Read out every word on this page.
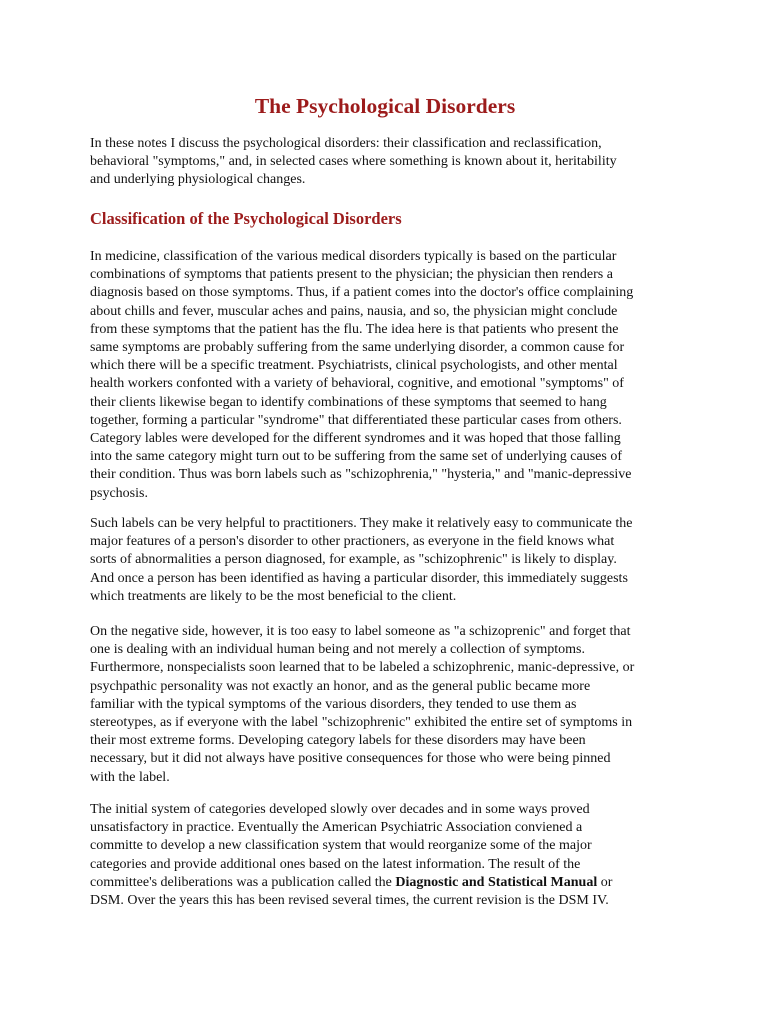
The Psychological Disorders

In these notes I discuss the psychological disorders: their classification and reclassification,
behavioral "symptoms," and, in selected cases where something is known about it, heritability
and underlying physiological changes.

Classification of the Psychological Disorders

In medicine, classification of the various medical disorders typically is based on the particular
combinations of symptoms that patients present to the physician; the physician then renders a
diagnosis based on those symptoms. Thus, if a patient comes into the doctor's office complaining
about chills and fever, muscular aches and pains, nausia, and so, the physician might conclude
from these symptoms that the patient has the flu. The idea here is that patients who present the
same symptoms are probably suffering from the same underlying disorder, a common cause for
which there will be a specific treatment. Psychiatrists, clinical psychologists, and other mental
health workers confonted with a variety of behavioral, cognitive, and emotional "symptoms" of
their clients likewise began to identify combinations of these symptoms that seemed to hang
together, forming a particular "syndrome" that differentiated these particular cases from others.
Category lables were developed for the different syndromes and it was hoped that those falling
into the same category might turn out to be suffering from the same set of underlying causes of
their condition. Thus was born labels such as "schizophrenia," "hysteria," and "manic-depressive
psychosis.

Such labels can be very helpful to practitioners. They make it relatively easy to communicate the
major features of a person's disorder to other practioners, as everyone in the field knows what
sorts of abnormalities a person diagnosed, for example, as "schizophrenic" is likely to display.
And once a person has been identified as having a particular disorder, this immediately suggests
which treatments are likely to be the most beneficial to the client.

On the negative side, however, it is too easy to label someone as "a schizoprenic" and forget that
one is dealing with an individual human being and not merely a collection of symptoms.
Furthermore, nonspecialists soon learned that to be labeled a schizophrenic, manic-depressive, or
psychpathic personality was not exactly an honor, and as the general public became more
familiar with the typical symptoms of the various disorders, they tended to use them as
stereotypes, as if everyone with the label "schizophrenic" exhibited the entire set of symptoms in
their most extreme forms. Developing category labels for these disorders may have been
necessary, but it did not always have positive consequences for those who were being pinned
with the label.

The initial system of categories developed slowly over decades and in some ways proved
unsatisfactory in practice. Eventually the American Psychiatric Association convіened a
committe to develop a new classification system that would reorganize some of the major
categories and provide additional ones based on the latest information. The result of the
committee's deliberations was a publication called the Diagnostic and Statistical Manual or
DSM. Over the years this has been revised several times, the current revision is the DSM IV.
